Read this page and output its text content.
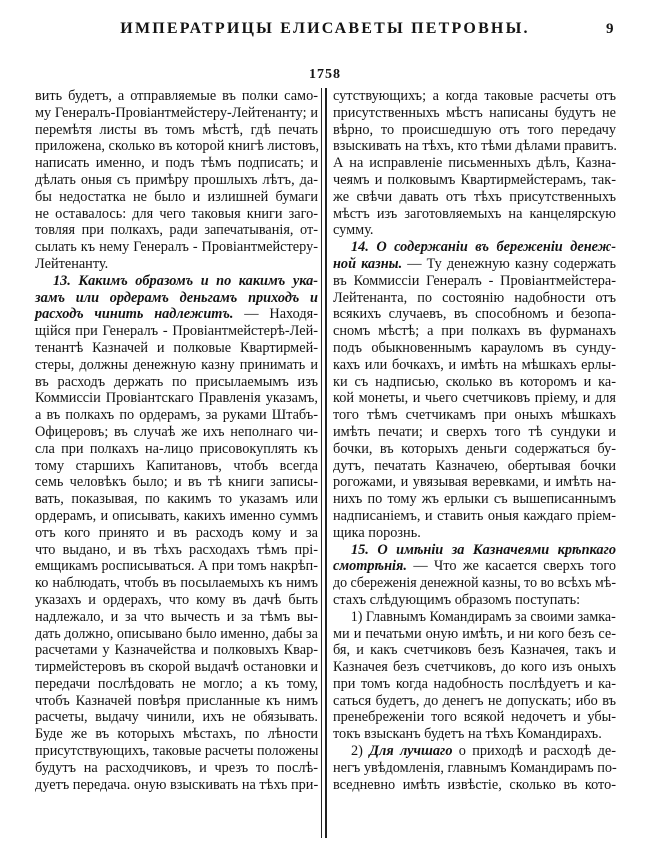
ИМПЕРАТРИЦЫ ЕЛИСАВЕТЫ ПЕТРОВНЫ.	9
1758
вить будетъ, а отправляемые въ полки само-
му Генералъ-Провіантмейстеру-Лейтенанту; и
перемѣтя листы въ томъ мѣстѣ, гдѣ печать
приложена, сколько въ которой книгѣ листовъ,
написать именно, и подъ тѣмъ подписать; и
дѣлать оныя съ примѣру прошлыхъ лѣтъ, да-
бы недостатка не было и излишней бумаги
не оставалось: для чего таковыя книги заго-
товляя при полкахъ, ради запечатыванія, от-
сылать къ нему Генералъ - Провіантмейстеру-
Лейтенанту.
13. Какимъ образомъ и по какимъ ука-
замъ или ордерамъ деньгамъ приходъ и
расходъ чинить надлежитъ. — Находя-
щійся при Генералъ - Провіантмейстерѣ-Лей-
тенантѣ Казначей и полковые Квартирмей-
стеры, должны денежную казну принимать и
въ расходъ держать по присылаемымъ изъ
Коммиссіи Провіантскаго Правленія указамъ,
а въ полкахъ по ордерамъ, за руками Штабъ-
Офицеровъ; въ случаѣ же ихъ неполнаго чи-
сла при полкахъ на-лицо присовокуплять къ
тому старшихъ Капитановъ, чтобъ всегда
семь человѣкъ было; и въ тѣ книги записы-
вать, показывая, по какимъ то указамъ или
ордерамъ, и описывать, какихъ именно суммъ
отъ кого принято и въ расходъ кому и за
что выдано, и въ тѣхъ расходахъ тѣмъ прі-
емщикамъ росписываться. А при томъ накрѣп-
ко наблюдать, чтобъ въ посылаемыхъ къ нимъ
указахъ и ордерахъ, что кому въ дачѣ быть
надлежало, и за что вычесть и за тѣмъ вы-
дать должно, описывано было именно, дабы за
расчетами у Казначейства и полковыхъ Квар-
тирмейстеровъ въ скорой выдачѣ остановки и
передачи послѣдовать не могло; а къ тому,
чтобъ Казначей повѣря присланные къ нимъ
расчеты, выдачу чинили, ихъ не обязывать.
Буде же въ которыхъ мѣстахъ, по лѣности
присутствующихъ, таковые расчеты положены
будутъ на расходчиковъ, и чрезъ то послѣ-
дуетъ передача. оную взыскивать на тѣхъ при-
сутствующихъ; а когда таковые расчеты отъ
присутственныхъ мѣстъ написаны будутъ не
вѣрно, то происшедшую отъ того передачу
взыскивать на тѣхъ, кто тѣми дѣлами правитъ.
А на исправленіе письменныхъ дѣлъ, Казна-
чеямъ и полковымъ Квартирмейстерамъ, так-
же свѣчи давать отъ тѣхъ присутственныхъ
мѣстъ изъ заготовляемыхъ на канцелярскую
сумму.
14. О содержаніи въ береженіи денеж-
ной казны. — Ту денежную казну содержать
въ Коммиссіи Генералъ - Провіантмейстера-
Лейтенанта, по состоянію надобности отъ
всякихъ случаевъ, въ способномъ и безопа-
сномъ мѣстѣ; а при полкахъ въ фурманахъ
подъ обыкновеннымъ карауломъ въ сунду-
кахъ или бочкахъ, и имѣть на мѣшкахъ ерлы-
ки съ надписью, сколько въ которомъ и ка-
кой монеты, и чьего счетчиковъ пріему, и для
того тѣмъ счетчикамъ при оныхъ мѣшкахъ
имѣть печати; и сверхъ того тѣ сундуки и
бочки, въ которыхъ деньги содержаться бу-
дутъ, печатать Казначею, обертывая бочки
рогожами, и увязывая веревками, и имѣть на-
нихъ по тому жъ ерлыки съ вышеписаннымъ
надписаніемъ, и ставить оныя каждаго пріем-
щика порознь.
15. О имѣніи за Казначеями крѣпкаго
смотрѣнія. — Что же касается сверхъ того
до сбереженія денежной казны, то во всѣхъ мѣ-
стахъ слѣдующимъ образомъ поступать:
1) Главнымъ Командирамъ за своими замка-
ми и печатьми оную имѣть, и ни кого безъ се-
бя, и какъ счетчиковъ безъ Казначея, такъ и
Казначея безъ счетчиковъ, до кого изъ оныхъ
при томъ когда надобность послѣдуетъ и ка-
саться будетъ, до денегъ не допускать; ибо въ
пренебреженіи того всякой недочетъ и убы-
токъ взысканъ будетъ на тѣхъ Командирахъ.
2) Для лучшаго о приходѣ и расходѣ де-
негъ увѣдомленія, главнымъ Командирамъ по-
вседневно имѣть извѣстіе, сколько въ кото-
